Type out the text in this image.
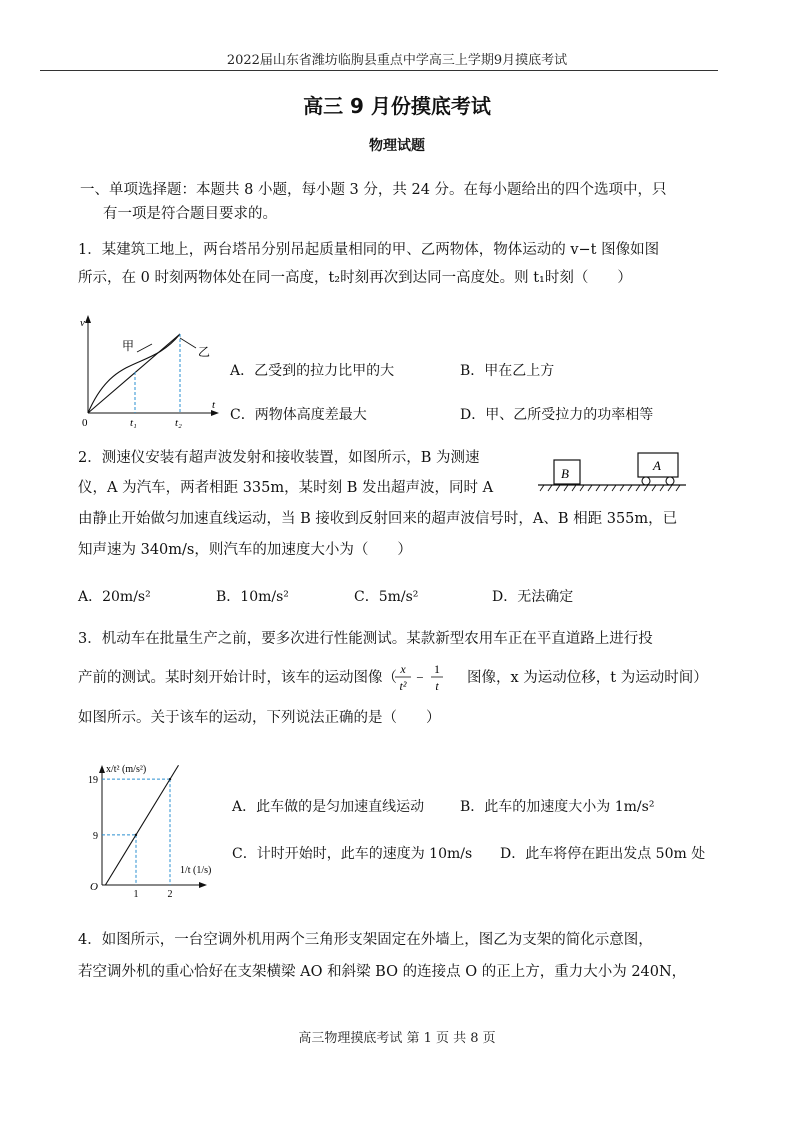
2022届山东省潍坊临朐县重点中学高三上学期9月摸底考试
高三 9 月份摸底考试
物理试题
一、单项选择题：本题共 8 小题，每小题 3 分，共 24 分。在每小题给出的四个选项中，只
有一项是符合题目要求的。
1．某建筑工地上，两台塔吊分别吊起质量相同的甲、乙两物体，物体运动的 v−t 图像如图
所示，在 0 时刻两物体处在同一高度，t₂时刻再次到达同一高度处。则 t₁时刻（　　）
v
t
0	t₁	t₂
甲	乙
A．乙受到的拉力比甲的大	B．甲在乙上方
C．两物体高度差最大	D．甲、乙所受拉力的功率相等
2．测速仪安装有超声波发射和接收装置，如图所示，B 为测速
仪，A 为汽车，两者相距 335m，某时刻 B 发出超声波，同时 A
由静止开始做匀加速直线运动，当 B 接收到反射回来的超声波信号时，A、B 相距 355m，已
知声速为 340m/s，则汽车的加速度大小为（　　）
B
A
A．20m/s²	B．10m/s²	C．5m/s²	D．无法确定
3．机动车在批量生产之前，要多次进行性能测试。某款新型农用车正在平直道路上进行投
产前的测试。某时刻开始计时，该车的运动图像（
x
t²
−
1
t 图像，x 为运动位移，t 为运动时间）
如图所示。关于该车的运动，下列说法正确的是（　　）
9
1
19
2
x/t² (m/s²)
1/t (1/s)
O
A．此车做的是匀加速直线运动	B．此车的加速度大小为 1m/s²
C．计时开始时，此车的速度为 10m/s D．此车将停在距出发点 50m 处
4．如图所示，一台空调外机用两个三角形支架固定在外墙上，图乙为支架的简化示意图，
若空调外机的重心恰好在支架横梁 AO 和斜梁 BO 的连接点 O 的正上方，重力大小为 240N，
高三物理摸底考试 第 1 页 共 8 页
